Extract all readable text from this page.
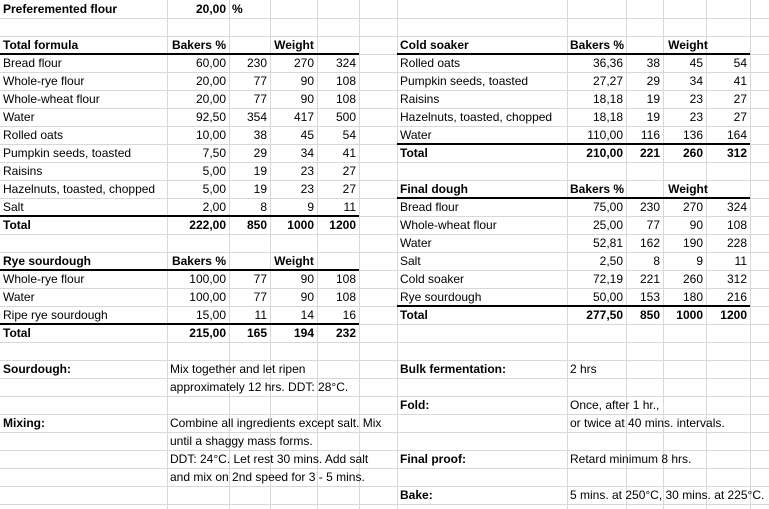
Preferemented flour	20,00 %
Total formula	Bakers %	Weight
Bread flour	60,00	230	270	324
Whole-rye flour	20,00	77	90	108
Whole-wheat flour	20,00	77	90	108
Water	92,50	354	417	500
Rolled oats	10,00	38	45	54
Pumpkin seeds, toasted	7,50	29	34	41
Raisins	5,00	19	23	27
Hazelnuts, toasted, chopped	5,00	19	23	27
Salt	2,00	8	9	11
Total	222,00	850	1000	1200
Rye sourdough	Bakers %	Weight
Whole-rye flour	100,00	77	90	108
Water	100,00	77	90	108
Ripe rye sourdough	15,00	11	14	16
Total	215,00	165	194	232
Cold soaker	Bakers %	Weight
Rolled oats	36,36	38	45	54
Pumpkin seeds, toasted	27,27	29	34	41
Raisins	18,18	19	23	27
Hazelnuts, toasted, chopped	18,18	19	23	27
Water	110,00	116	136	164
Total	210,00	221	260	312
Final dough	Bakers %	Weight
Bread flour	75,00	230	270	324
Whole-wheat flour	25,00	77	90	108
Water	52,81	162	190	228
Salt	2,50	8	9	11
Cold soaker	72,19	221	260	312
Rye sourdough	50,00	153	180	216
Total	277,50	850	1000	1200
Sourdough:	Mix together and let ripen
approximately 12 hrs. DDT: 28°C.
Mixing:	Combine all ingredients except salt. Mix
until a shaggy mass forms.
DDT: 24°C. Let rest 30 mins. Add salt
and mix on 2nd speed for 3 - 5 mins.
Bulk fermentation:	2 hrs
Fold:	Once, after 1 hr.,
or twice at 40 mins. intervals.
Final proof:	Retard minimum 8 hrs.
Bake:	5 mins. at 250°C, 30 mins. at 225°C.
